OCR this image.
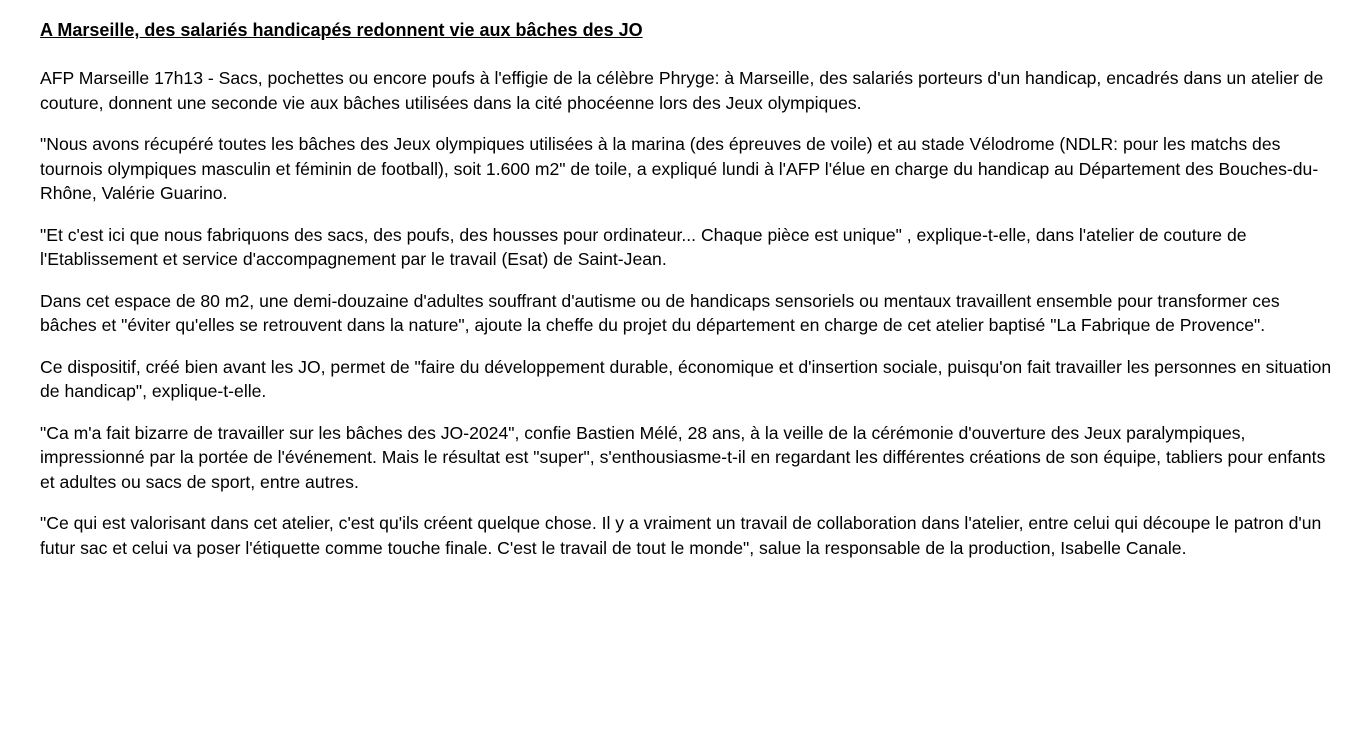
A Marseille, des salariés handicapés redonnent vie aux bâches des JO

AFP Marseille 17h13 - Sacs, pochettes ou encore poufs à l'effigie de la célèbre Phryge: à Marseille, des salariés porteurs d'un handicap, encadrés dans un atelier de couture, donnent une seconde vie aux bâches utilisées dans la cité phocéenne lors des Jeux olympiques.

"Nous avons récupéré toutes les bâches des Jeux olympiques utilisées à la marina (des épreuves de voile) et au stade Vélodrome (NDLR: pour les matchs des tournois olympiques masculin et féminin de football), soit 1.600 m2" de toile, a expliqué lundi à l'AFP l'élue en charge du handicap au Département des Bouches-du-Rhône, Valérie Guarino.

"Et c'est ici que nous fabriquons des sacs, des poufs, des housses pour ordinateur... Chaque pièce est unique" , explique-t-elle, dans l'atelier de couture de l'Etablissement et service d'accompagnement par le travail (Esat) de Saint-Jean.

Dans cet espace de 80 m2, une demi-douzaine d'adultes souffrant d'autisme ou de handicaps sensoriels ou mentaux travaillent ensemble pour transformer ces bâches et "éviter qu'elles se retrouvent dans la nature", ajoute la cheffe du projet du département en charge de cet atelier baptisé "La Fabrique de Provence".

Ce dispositif, créé bien avant les JO, permet de "faire du développement durable, économique et d'insertion sociale, puisqu'on fait travailler les personnes en situation de handicap", explique-t-elle.

"Ca m'a fait bizarre de travailler sur les bâches des JO-2024", confie Bastien Mélé, 28 ans, à la veille de la cérémonie d'ouverture des Jeux paralympiques, impressionné par la portée de l'événement. Mais le résultat est "super", s'enthousiasme-t-il en regardant les différentes créations de son équipe, tabliers pour enfants et adultes ou sacs de sport, entre autres.

"Ce qui est valorisant dans cet atelier, c'est qu'ils créent quelque chose. Il y a vraiment un travail de collaboration dans l'atelier, entre celui qui découpe le patron d'un futur sac et celui va poser l'étiquette comme touche finale. C'est le travail de tout le monde", salue la responsable de la production, Isabelle Canale.
